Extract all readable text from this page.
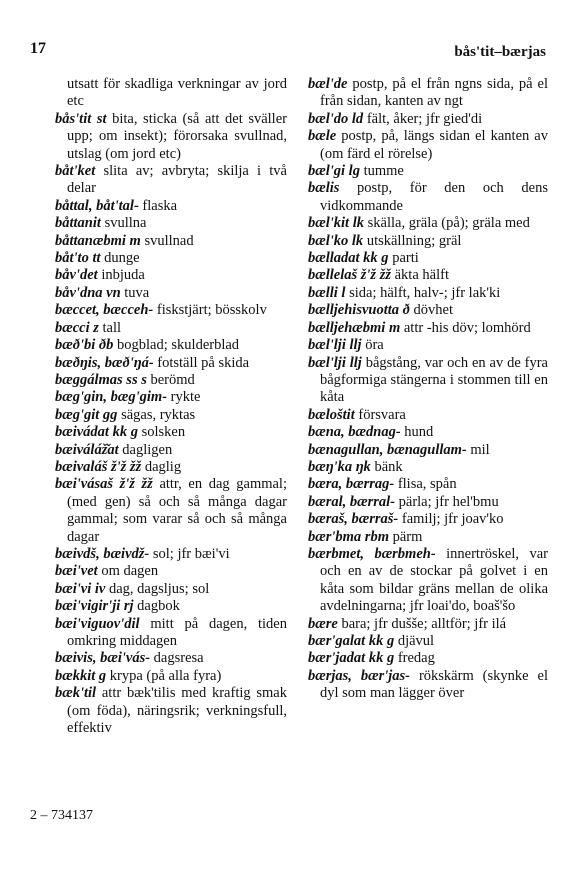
17	bås'tit–bærjas
utsatt för skadliga verkningar av jord etc
bås'tit st bita, sticka (så att det sväller upp; om insekt); förorsaka svullnad, utslag (om jord etc)
båt'ket slita av; avbryta; skilja i två delar
båttal, båt'tal- flaska
båttanit svullna
båttanæbmi m svullnad
båt'to tt dunge
båv'det inbjuda
båv'dna vn tuva
bæccet, bæcceh- fiskstjärt; bösskolv
bæcci z tall
bæð'bi ðb bogblad; skulderblad
bæðŋis, bæð'ŋá- fotställ på skida
bæggálmas ss s berömd
bæg'gin, bæg'gim- rykte
bæg'git gg sägas, ryktas
bæivádat kk g solsken
bæiváláž̌at dagligen
bæivaláš ž'ž žž daglig
bæi'vásaš ž'ž žž attr, en dag gammal; (med gen) så och så många dagar gammal; som varar så och så många dagar
bæivdš, bæivdž- sol; jfr bæi'vi
bæi'vet om dagen
bæi'vi iv dag, dagsljus; sol
bæi'vigir'ji rj dagbok
bæi'viguov'dil mitt på dagen, tiden omkring middagen
bæivis, bæi'vás- dagsresa
bækkit g krypa (på alla fyra)
bæk'til attr bæk'tilis med kraftig smak (om föda), näringsrik; verkningsfull, effektiv
bæl'de postp, på el från ngns sida, på el från sidan, kanten av ngt
bæl'do ld fält, åker; jfr gied'di
bæle postp, på, längs sidan el kanten av (om färd el rörelse)
bæl'gi lg tumme
bælis postp, för den och dens vidkommande
bæl'kit lk skälla, gräla (på); gräla med
bæl'ko lk utskällning; gräl
bælladat kk g parti
bællelaš ž'ž žž äkta hälft
bælli l sida; hälft, halv-; jfr lak'ki
bælljehisvuotta ð dövhet
bælljehæbmi m attr -his döv; lomhörd
bæl'lji llj öra
bæl'lji llj bågstång, var och en av de fyra bågformiga stängerna i stommen till en kåta
bæloštit försvara
bæna, bædnag- hund
bænagullan, bænagullam- mil
bæŋ'ka ŋk bänk
bæra, bærrag- flisa, spån
bæral, bærral- pärla; jfr hel'bmu
bæraš, bærraš- familj; jfr joav'ko
bær'bma rbm pärm
bærbmet, bærbmeh- innertröskel, var och en av de stockar på golvet i en kåta som bildar gräns mellan de olika avdelningarna; jfr loai'do, boaš'šo
bære bara; jfr dušše; alltför; jfr ilá
bær'galat kk g djävul
bær'jadat kk g fredag
bærjas, bær'jas- rökskärm (skynke el dyl som man lägger över
2 – 734137
